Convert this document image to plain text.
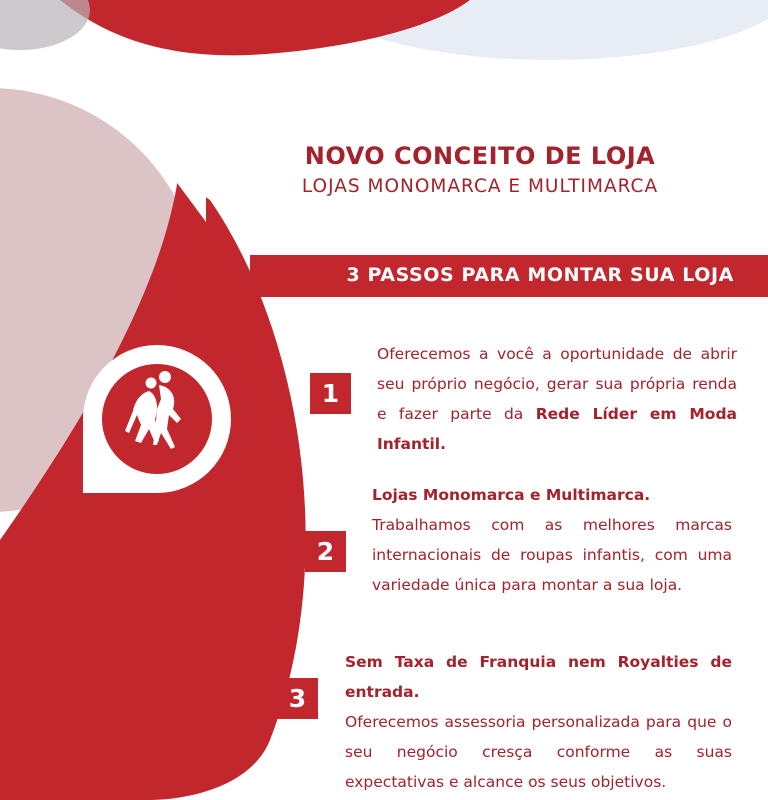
NOVO CONCEITO DE LOJA
LOJAS MONOMARCA E MULTIMARCA
3 PASSOS PARA MONTAR SUA LOJA
1
Oferecemos a você a oportunidade de abrir seu próprio negócio, gerar sua própria renda e fazer parte da Rede Líder em Moda Infantil.
2
Lojas Monomarca e Multimarca.
Trabalhamos com as melhores marcas internacionais de roupas infantis, com uma variedade única para montar a sua loja.
3
Sem Taxa de Franquia nem Royalties de entrada.
Oferecemos assessoria personalizada para que o seu negócio cresça conforme as suas expectativas e alcance os seus objetivos.
